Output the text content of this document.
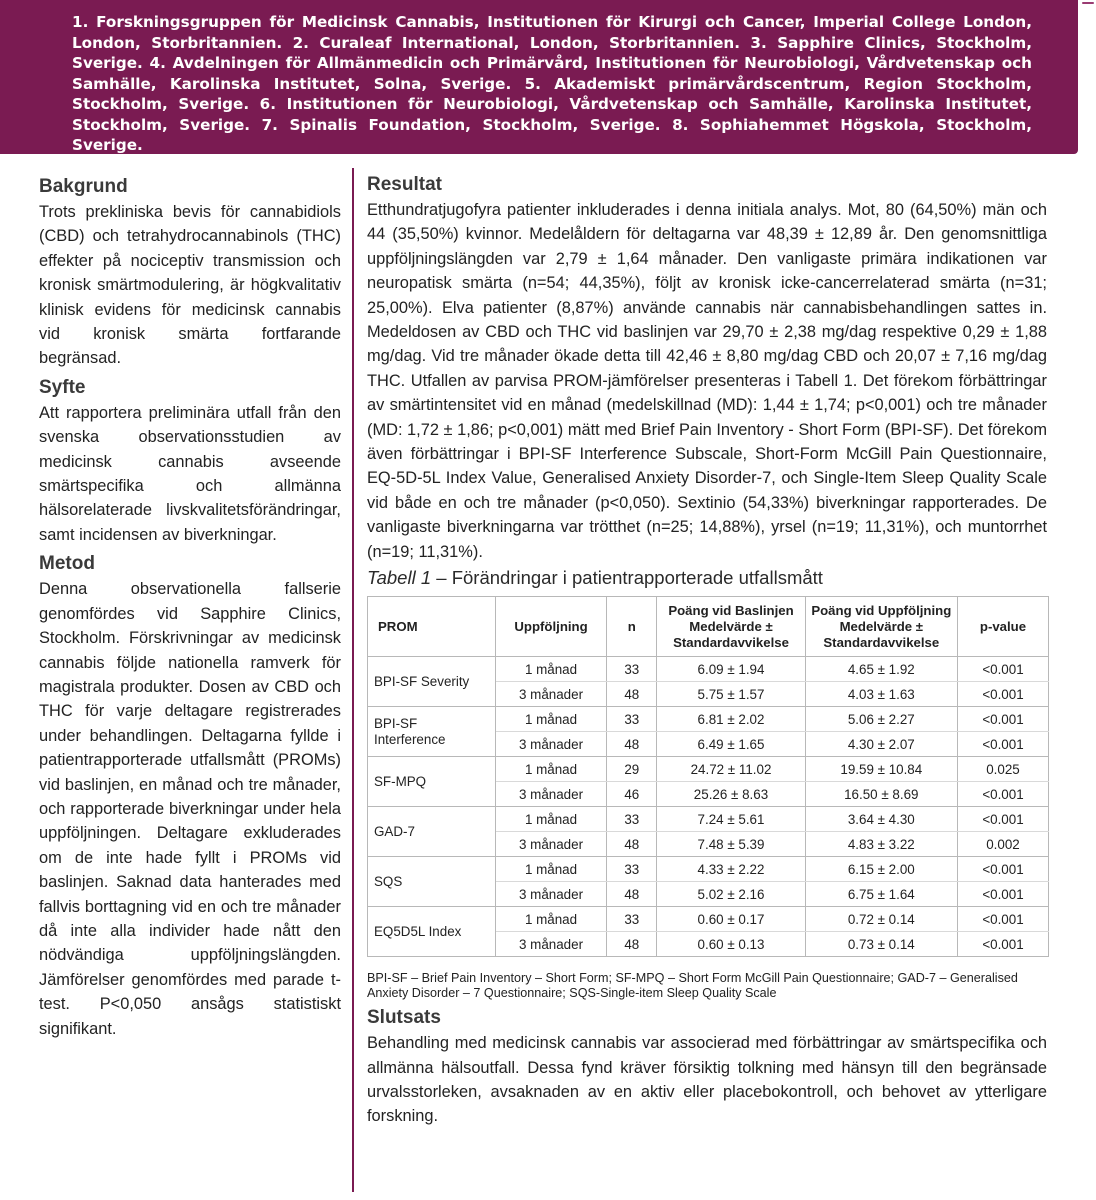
1. Forskningsgruppen för Medicinsk Cannabis, Institutionen för Kirurgi och Cancer, Imperial College London, London, Storbritannien. 2. Curaleaf International, London, Storbritannien. 3. Sapphire Clinics, Stockholm, Sverige. 4. Avdelningen för Allmänmedicin och Primärvård, Institutionen för Neurobiologi, Vårdvetenskap och Samhälle, Karolinska Institutet, Solna, Sverige. 5. Akademiskt primärvårdscentrum, Region Stockholm, Stockholm, Sverige. 6. Institutionen för Neurobiologi, Vårdvetenskap och Samhälle, Karolinska Institutet, Stockholm, Sverige. 7. Spinalis Foundation, Stockholm, Sverige. 8. Sophiahemmet Högskola, Stockholm, Sverige.

Bakgrund

Trots prekliniska bevis för cannabidiols (CBD) och tetrahydrocannabinols (THC) effekter på nociceptiv transmission och kronisk smärtmodulering, är högkvalitativ klinisk evidens för medicinsk cannabis vid kronisk smärta fortfarande begränsad.

Syfte

Att rapportera preliminära utfall från den svenska observationsstudien av medicinsk cannabis avseende smärtspecifika och allmänna hälsorelaterade livskvalitetsförändringar, samt incidensen av biverkningar.

Metod

Denna observationella fallserie genomfördes vid Sapphire Clinics, Stockholm. Förskrivningar av medicinsk cannabis följde nationella ramverk för magistrala produkter. Dosen av CBD och THC för varje deltagare registrerades under behandlingen. Deltagarna fyllde i patientrapporterade utfallsmått (PROMs) vid baslinjen, en månad och tre månader, och rapporterade biverkningar under hela uppföljningen. Deltagare exkluderades om de inte hade fyllt i PROMs vid baslinjen. Saknad data hanterades med fallvis borttagning vid en och tre månader då inte alla individer hade nått den nödvändiga uppföljningslängden. Jämförelser genomfördes med parade t-test. P<0,050 ansågs statistiskt signifikant.

Resultat

Etthundratjugofyra patienter inkluderades i denna initiala analys. Mot, 80 (64,50%) män och 44 (35,50%) kvinnor. Medelåldern för deltagarna var 48,39 ± 12,89 år. Den genomsnittliga uppföljningslängden var 2,79 ± 1,64 månader. Den vanligaste primära indikationen var neuropatisk smärta (n=54; 44,35%), följt av kronisk icke-cancerrelaterad smärta (n=31; 25,00%). Elva patienter (8,87%) använde cannabis när cannabisbehandlingen sattes in. Medeldosen av CBD och THC vid baslinjen var 29,70 ± 2,38 mg/dag respektive 0,29 ± 1,88 mg/dag. Vid tre månader ökade detta till 42,46 ± 8,80 mg/dag CBD och 20,07 ± 7,16 mg/dag THC. Utfallen av parvisa PROM-jämförelser presenteras i Tabell 1. Det förekom förbättringar av smärtintensitet vid en månad (medelskillnad (MD): 1,44 ± 1,74; p<0,001) och tre månader (MD: 1,72 ± 1,86; p<0,001) mätt med Brief Pain Inventory - Short Form (BPI-SF). Det förekom även förbättringar i BPI-SF Interference Subscale, Short-Form McGill Pain Questionnaire, EQ-5D-5L Index Value, Generalised Anxiety Disorder-7, och Single-Item Sleep Quality Scale vid både en och tre månader (p<0,050). Sextinio (54,33%) biverkningar rapporterades. De vanligaste biverkningarna var trötthet (n=25; 14,88%), yrsel (n=19; 11,31%), och muntorrhet (n=19; 11,31%).

Tabell 1 – Förändringar i patientrapporterade utfallsmått
PROM	Uppföljning	n	Poäng vid Baslinjen Medelvärde ± Standardavvikelse	Poäng vid Uppföljning Medelvärde ± Standardavvikelse	p-value
BPI-SF Severity	1 månad	33	6.09 ± 1.94	4.65 ± 1.92	<0.001
	3 månader	48	5.75 ± 1.57	4.03 ± 1.63	<0.001
BPI-SF Interference	1 månad	33	6.81 ± 2.02	5.06 ± 2.27	<0.001
	3 månader	48	6.49 ± 1.65	4.30 ± 2.07	<0.001
SF-MPQ	1 månad	29	24.72 ± 11.02	19.59 ± 10.84	0.025
	3 månader	46	25.26 ± 8.63	16.50 ± 8.69	<0.001
GAD-7	1 månad	33	7.24 ± 5.61	3.64 ± 4.30	<0.001
	3 månader	48	7.48 ± 5.39	4.83 ± 3.22	0.002
SQS	1 månad	33	4.33 ± 2.22	6.15 ± 2.00	<0.001
	3 månader	48	5.02 ± 2.16	6.75 ± 1.64	<0.001
EQ5D5L Index	1 månad	33	0.60 ± 0.17	0.72 ± 0.14	<0.001
	3 månader	48	0.60 ± 0.13	0.73 ± 0.14	<0.001

BPI-SF – Brief Pain Inventory – Short Form; SF-MPQ – Short Form McGill Pain Questionnaire; GAD-7 – Generalised Anxiety Disorder – 7 Questionnaire; SQS-Single-item Sleep Quality Scale

Slutsats

Behandling med medicinsk cannabis var associerad med förbättringar av smärtspecifika och allmänna hälsoutfall. Dessa fynd kräver försiktig tolkning med hänsyn till den begränsade urvalsstorleken, avsaknaden av en aktiv eller placebokontroll, och behovet av ytterligare forskning.
